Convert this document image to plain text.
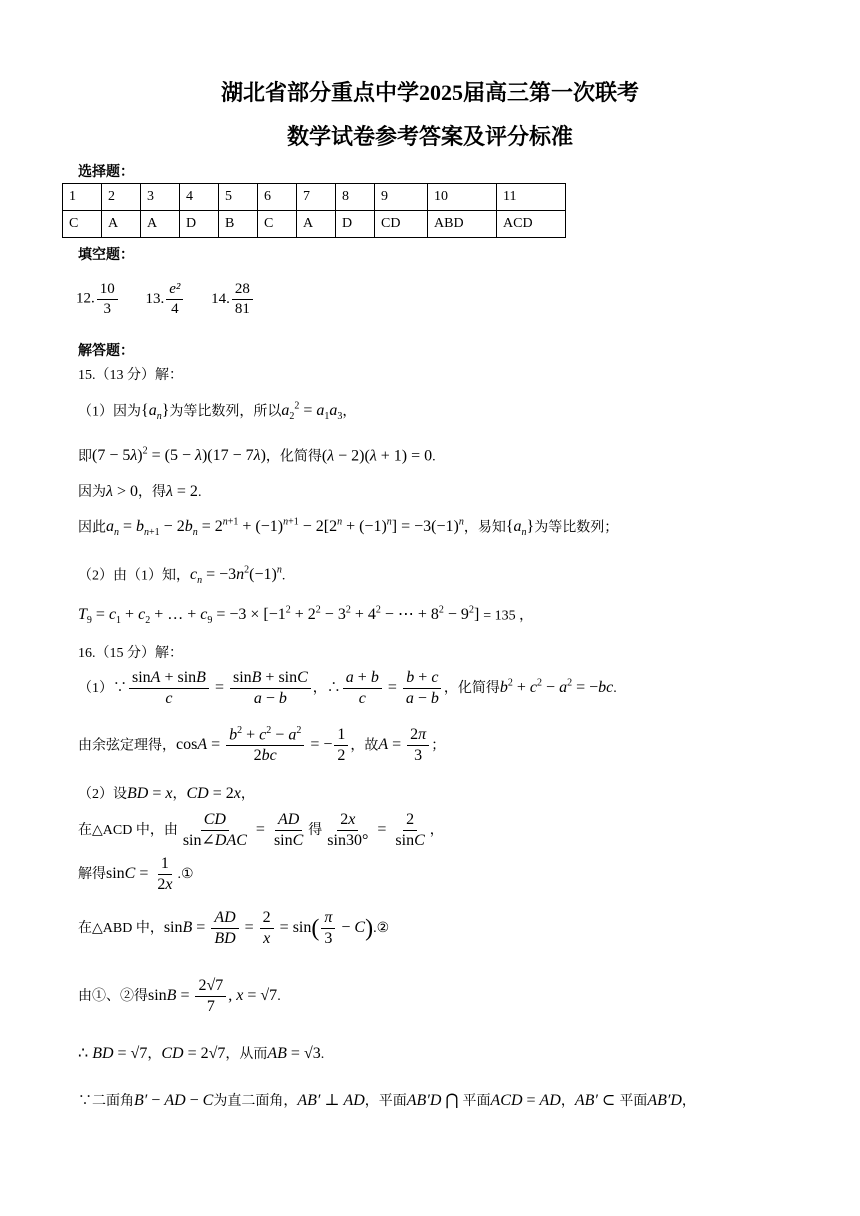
湖北省部分重点中学2025届高三第一次联考
数学试卷参考答案及评分标准
选择题：
1	2	3	4	5	6	7	8	9	10	11
C	A	A	D	B	C	A	D	CD	ABD	ACD
填空题：
12. $\frac{10}{3} 13$. $\frac{\text{e²}}{4} 14$. $\frac{28}{81}$
解答题：
15.（13 分）解：
（1）因为$\{a_n\}$为等比数列，所以$a_2^2 = a_1a_3$，
即$(7 - 5\lambda)^2 = (5 - \lambda)(17 - 7\lambda)$，化简得(λ − 2)(λ + 1) = 0.
因为λ > 0，得λ = 2.
因此$a_n = b_{n+1} - 2b_n = 2^{n+1} + (-1)^{n+1} - 2[2^n + (-1)^n] = -3(-1)^n$，易知$\{a_n\}$为等比数列；
（2）由（1）知，$c_n = -3n^2(-1)^n$.
$T_9 = c_1 + c_2$ + … + $c_9 = -3 \times [-1^2 + 2^2 - 3^2 + 4^2$ − ⋯ + $8^2 - 9^2] = 135$ ，
16.（15 分）解：
（1）∵ $\frac{\sin A + \sin B}{c} = \frac{\sin B + \sin C}{a - b}$ ，∴ $\frac{a + b}{c} = \frac{b + c}{a - b}$ ，化简得$b^2 + c^2 - a^2 = -bc$.
由余弦定理得，$\cos A = \frac{b^2 + c^2 - a^2}{2bc}$ = − $\frac{1}{2}$ ，故$A = \frac{2\pi}{3}$ ；
（2）设BD = x，CD = 2x，
在△ACD 中，由 $\frac{CD}{\text{sin∠DAC}} = \frac{AD}{\sin C}$ 得 $\frac{2x}{\sin 30^\circ} = \frac{2}{\sin C}$ ，
解得$\sin C = \frac{1}{2x}$ .①
在△ABD 中，$\sin B = \frac{AD}{BD} = \frac{2}{x} = \sin( \frac{\pi}{3}$ − C).②
由①、②得$\sin B = \frac{2√7}{7}$ , x = √7.
∴ BD = √7，CD = 2√7，从而AB = √3.
∵二面角B′ − AD − C为直二面角，AB′ ⊥ AD，平面AB′D ⋂ 平面ACD = AD，AB′ ⊂ 平面AB′D，
